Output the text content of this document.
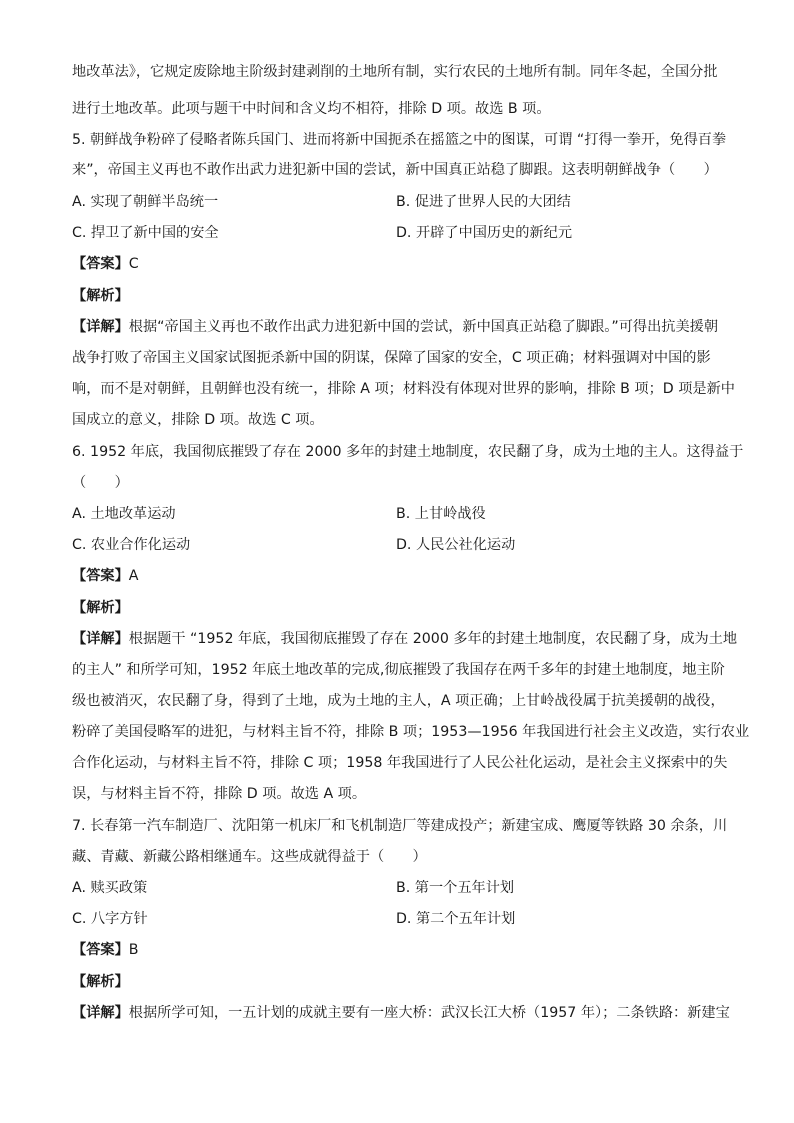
地改革法》，它规定废除地主阶级封建剥削的土地所有制，实行农民的土地所有制。同年冬起，全国分批
进行土地改革。此项与题干中时间和含义均不相符，排除 D 项。故选 B 项。
5. 朝鲜战争粉碎了侵略者陈兵国门、进而将新中国扼杀在摇篮之中的图谋，可谓 “打得一拳开，免得百拳
来”，帝国主义再也不敢作出武力进犯新中国的尝试，新中国真正站稳了脚跟。这表明朝鲜战争（　　）
A. 实现了朝鲜半岛统一	B. 促进了世界人民的大团结
C. 捍卫了新中国的安全	D. 开辟了中国历史的新纪元
【答案】C
【解析】
【详解】根据“帝国主义再也不敢作出武力进犯新中国的尝试，新中国真正站稳了脚跟。”可得出抗美援朝
战争打败了帝国主义国家试图扼杀新中国的阴谋，保障了国家的安全，C 项正确；材料强调对中国的影
响，而不是对朝鲜，且朝鲜也没有统一，排除 A 项；材料没有体现对世界的影响，排除 B 项；D 项是新中
国成立的意义，排除 D 项。故选 C 项。
6. 1952 年底，我国彻底摧毁了存在 2000 多年的封建土地制度，农民翻了身，成为土地的主人。这得益于
（　　）
A. 土地改革运动	B. 上甘岭战役
C. 农业合作化运动	D. 人民公社化运动
【答案】A
【解析】
【详解】根据题干 “1952 年底，我国彻底摧毁了存在 2000 多年的封建土地制度，农民翻了身，成为土地
的主人” 和所学可知，1952 年底土地改革的完成,彻底摧毁了我国存在两千多年的封建土地制度，地主阶
级也被消灭，农民翻了身，得到了土地，成为土地的主人，A 项正确；上甘岭战役属于抗美援朝的战役，
粉碎了美国侵略军的进犯，与材料主旨不符，排除 B 项；1953—1956 年我国进行社会主义改造，实行农业
合作化运动，与材料主旨不符，排除 C 项；1958 年我国进行了人民公社化运动，是社会主义探索中的失
误，与材料主旨不符，排除 D 项。故选 A 项。
7. 长春第一汽车制造厂、沈阳第一机床厂和飞机制造厂等建成投产；新建宝成、鹰厦等铁路 30 余条，川
藏、青藏、新藏公路相继通车。这些成就得益于（　　）
A. 赎买政策	B. 第一个五年计划
C. 八字方针	D. 第二个五年计划
【答案】B
【解析】
【详解】根据所学可知，一五计划的成就主要有一座大桥：武汉长江大桥（1957 年）；二条铁路：新建宝
